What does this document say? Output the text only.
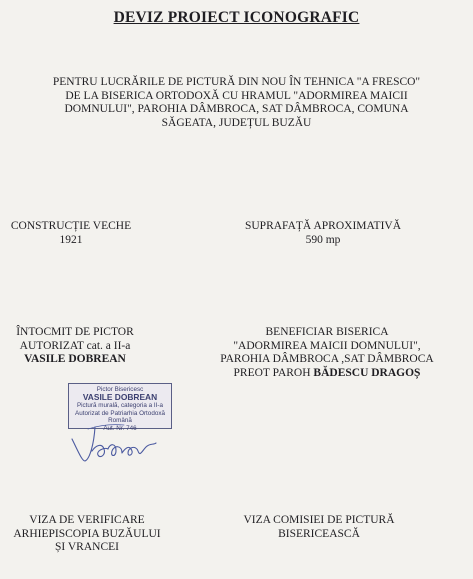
DEVIZ PROIECT ICONOGRAFIC
PENTRU LUCRĂRILE DE PICTURĂ DIN NOU ÎN TEHNICA "A FRESCO"
DE LA BISERICA ORTODOXĂ CU HRAMUL "ADORMIREA MAICII
DOMNULUI", PAROHIA DÂMBROCA, SAT DÂMBROCA, COMUNA
SĂGEATA, JUDEȚUL BUZĂU
CONSTRUCȚIE VECHE
1921
SUPRAFAȚĂ APROXIMATIVĂ
590 mp
ÎNTOCMIT DE PICTOR
AUTORIZAT cat. a II-a
VASILE DOBREAN
BENEFICIAR BISERICA
"ADORMIREA MAICII DOMNULUI",
PAROHIA DÂMBROCA ,SAT DÂMBROCA
PREOT PAROH BĂDESCU DRAGOȘ
Pictor Bisericesc
VASILE DOBREAN
Pictură murală, categoria a II-a
Autorizat de Patriarhia Ortodoxă Română
Aut. Nr. 746
VIZA DE VERIFICARE
ARHIEPISCOPIA BUZĂULUI
ȘI VRANCEI
VIZA COMISIEI DE PICTURĂ
BISERICEASCĂ
